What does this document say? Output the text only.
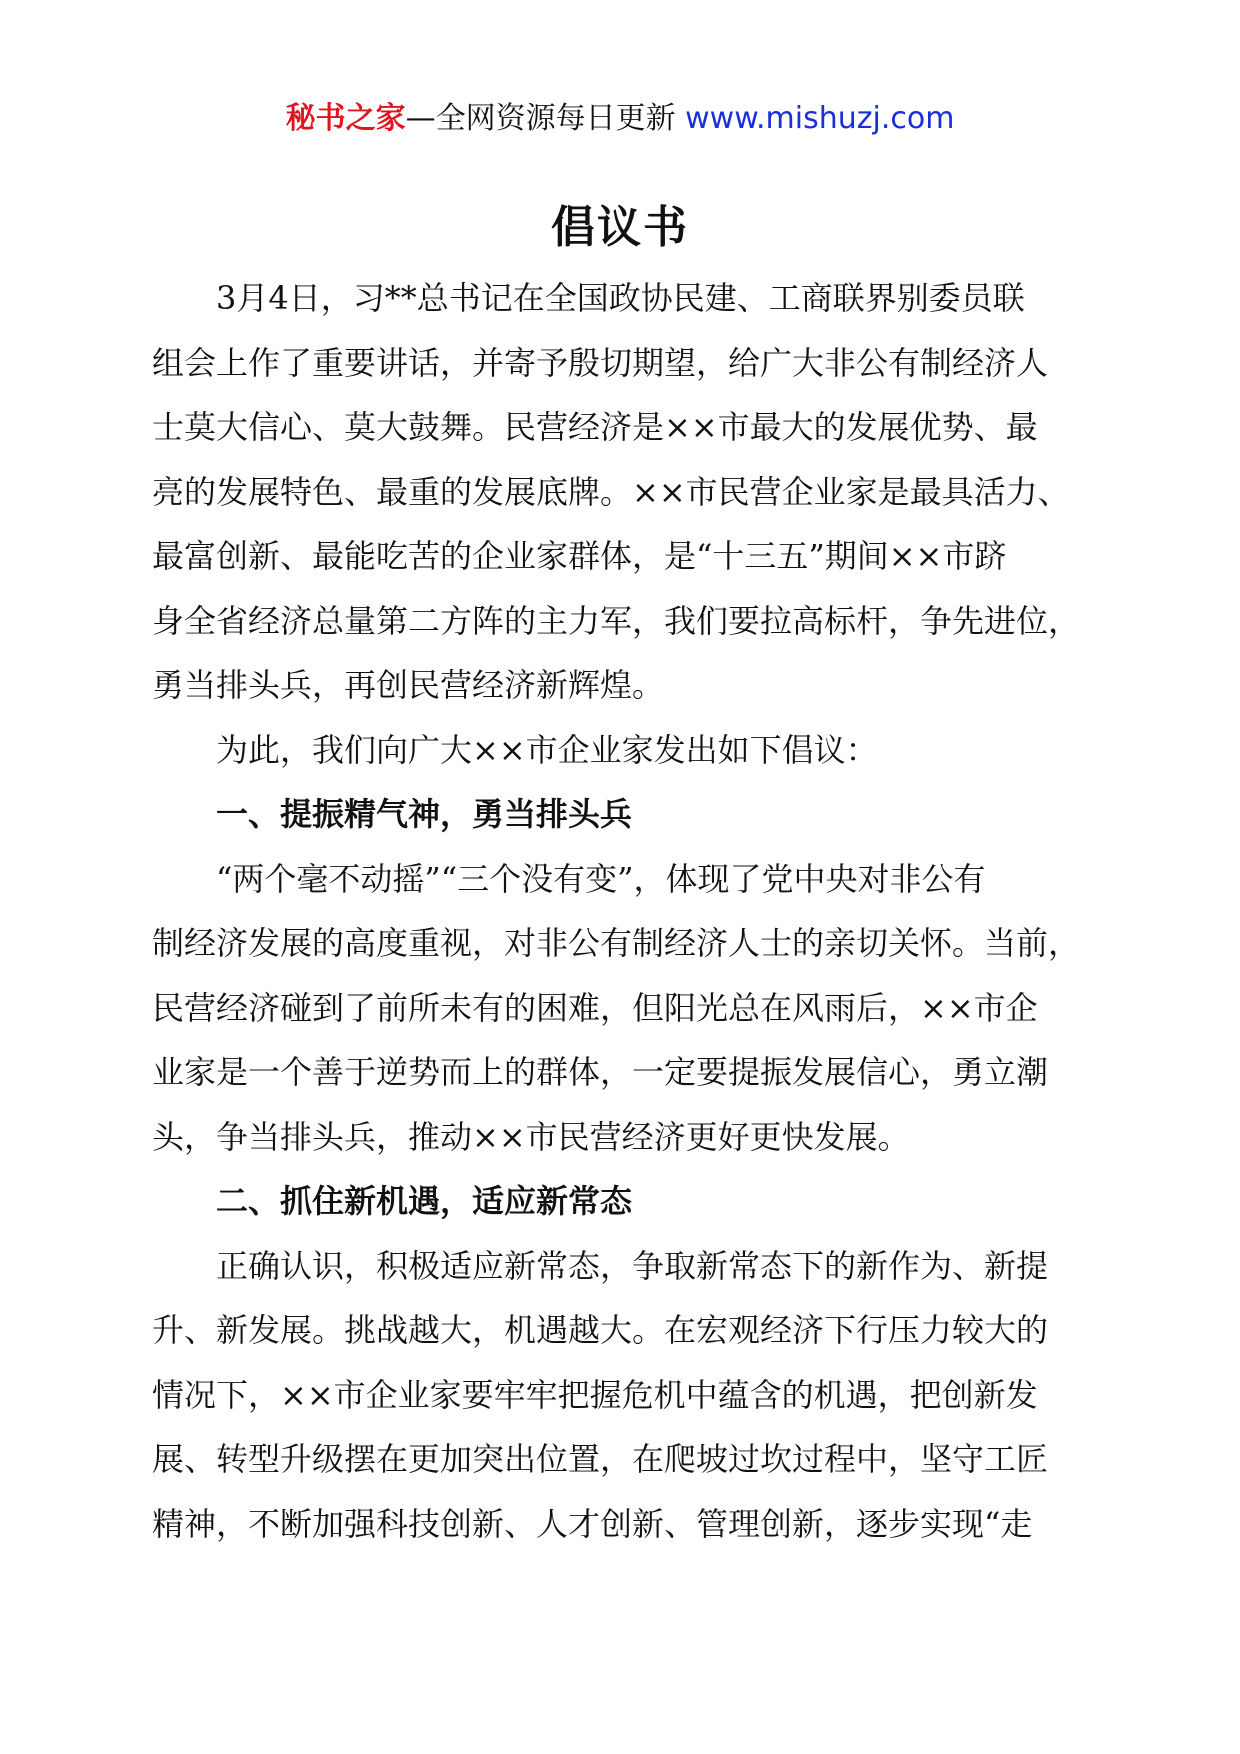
秘书之家—全网资源每日更新 www.mishuzj.com
倡议书
3月4日，习**总书记在全国政协民建、工商联界别委员联
组会上作了重要讲话，并寄予殷切期望，给广大非公有制经济人
士莫大信心、莫大鼓舞。民营经济是××市最大的发展优势、最
亮的发展特色、最重的发展底牌。××市民营企业家是最具活力、
最富创新、最能吃苦的企业家群体，是“十三五”期间××市跻
身全省经济总量第二方阵的主力军，我们要拉高标杆，争先进位，
勇当排头兵，再创民营经济新辉煌。
为此，我们向广大××市企业家发出如下倡议：
一、提振精气神，勇当排头兵
“两个毫不动摇”“三个没有变”，体现了党中央对非公有
制经济发展的高度重视，对非公有制经济人士的亲切关怀。当前，
民营经济碰到了前所未有的困难，但阳光总在风雨后，××市企
业家是一个善于逆势而上的群体，一定要提振发展信心，勇立潮
头，争当排头兵，推动××市民营经济更好更快发展。
二、抓住新机遇，适应新常态
正确认识，积极适应新常态，争取新常态下的新作为、新提
升、新发展。挑战越大，机遇越大。在宏观经济下行压力较大的
情况下，××市企业家要牢牢把握危机中蕴含的机遇，把创新发
展、转型升级摆在更加突出位置，在爬坡过坎过程中，坚守工匠
精神，不断加强科技创新、人才创新、管理创新，逐步实现“走
